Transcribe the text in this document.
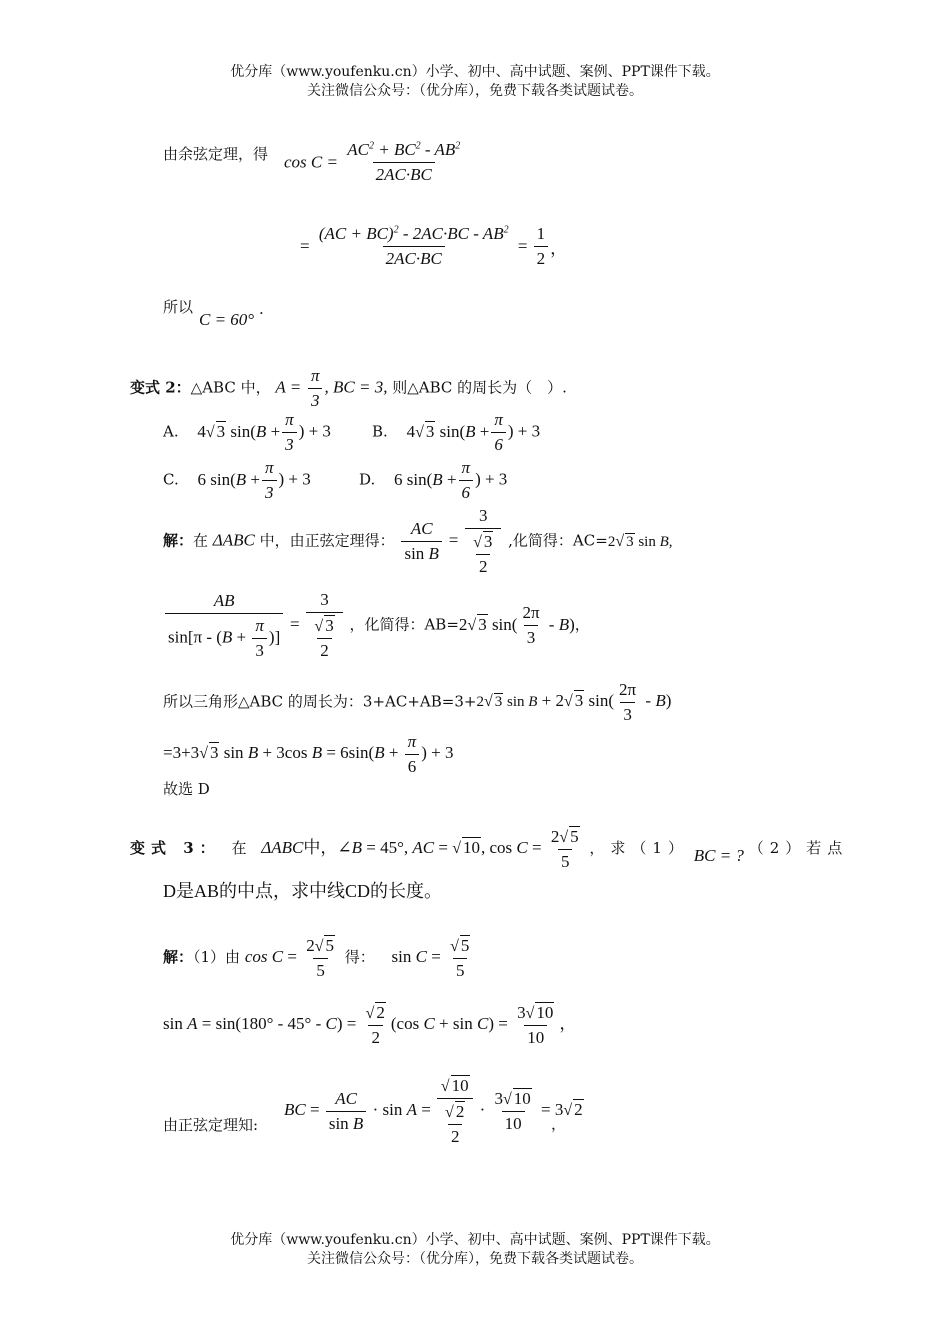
优分库（www.youfenku.cn）小学、初中、高中试题、案例、PPT课件下载。
关注微信公众号：（优分库），免费下载各类试题试卷。
由余弦定理，得 $\cos C = \frac{AC^2 + BC^2 - AB^2}{2AC\cdot BC}$
= $\frac{(AC + BC)^2 - 2AC\cdot BC - AB^2}{2AC\cdot BC} = \frac{1}{2}$ ，
所以
C = 60°
.
变式 2：△ABC 中， $A = \frac{\pi}{3}$ , BC = 3, 则△ABC 的周长为（　）.
A. 4√ 3 $\sin(B + \frac{\pi}{3}$ ) + 3	B. 4√ 3 $\sin(B + \frac{\pi}{6}$ ) + 3
C. 6 $\sin(B + \frac{\pi}{3}$ ) + 3	D. 6 $\sin(B + \frac{\pi}{6}$ ) + 3
解：在 ΔABC 中，由正弦定理得： $\frac{AC}{\text{sin B}} = \frac{3}{\frac{√ 3}{2}}$ ,化简得：AC=2√ 3 sin B,
$\frac{AB}{\sin[\pi - (B + \frac{\pi}{3} )]} = \frac{3}{\frac{√ 3}{2}}$ ，化简得：AB=2√ 3 $\sin( \frac{2\pi}{3} - B)$，
所以三角形△ABC 的周长为：3+AC+AB=3+2√ 3 sin B + 2√ 3 $\sin( \frac{2\pi}{3} - B)$
=3+3√ 3 sin B + 3cos $B = 6\sin(B + \frac{\pi}{6}$ ) + 3
故选 D
变式 3： 在 ΔABC中，∠B = 45°, AC = √ 10, $\cos C = \frac{2√ 5}{5}$ ，求（1） BC = ? （2）若点
D是AB的中点，求中线CD的长度。
解：（1）由 $\cos C = \frac{2√ 5}{5}$ 得： $\sin C = \frac{√ 5}{5}$
$\sin A = \sin(180^\circ - 45^\circ - C) = \frac{√ 2}{2} (\cos$ $C + \sin C) = \frac{3√ 10}{10}$ ，
BC = $\frac{AC}{\text{sin B}} \cdot \sin A = \frac{√ 10}{\frac{√ 2}{2}} \cdot \frac{3√ 10}{10} = 3√$ 2
由正弦定理知:	，
优分库（www.youfenku.cn）小学、初中、高中试题、案例、PPT课件下载。
关注微信公众号：（优分库），免费下载各类试题试卷。
